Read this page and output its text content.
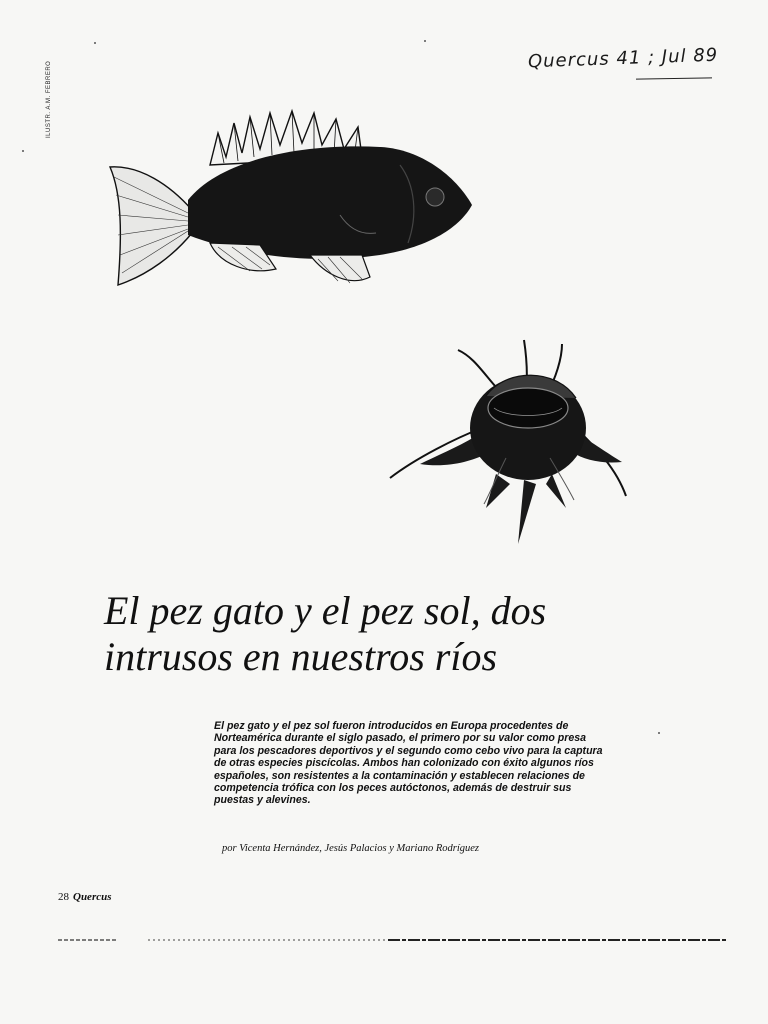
ILUSTR. A.M. FEBRERO
Quercus 41 ; Jul 89
El pez gato y el pez sol, dos
intrusos en nuestros ríos

El pez gato y el pez sol fueron introducidos en Europa procedentes de Norteamérica durante el siglo pasado, el primero por su valor como presa para los pescadores deportivos y el segundo como cebo vivo para la captura de otras especies piscícolas. Ambos han colonizado con éxito algunos ríos españoles, son resistentes a la contaminación y establecen relaciones de competencia trófica con los peces autóctonos, además de destruir sus puestas y alevines.

por Vicenta Hernández, Jesús Palacios y Mariano Rodríguez
28 Quercus
